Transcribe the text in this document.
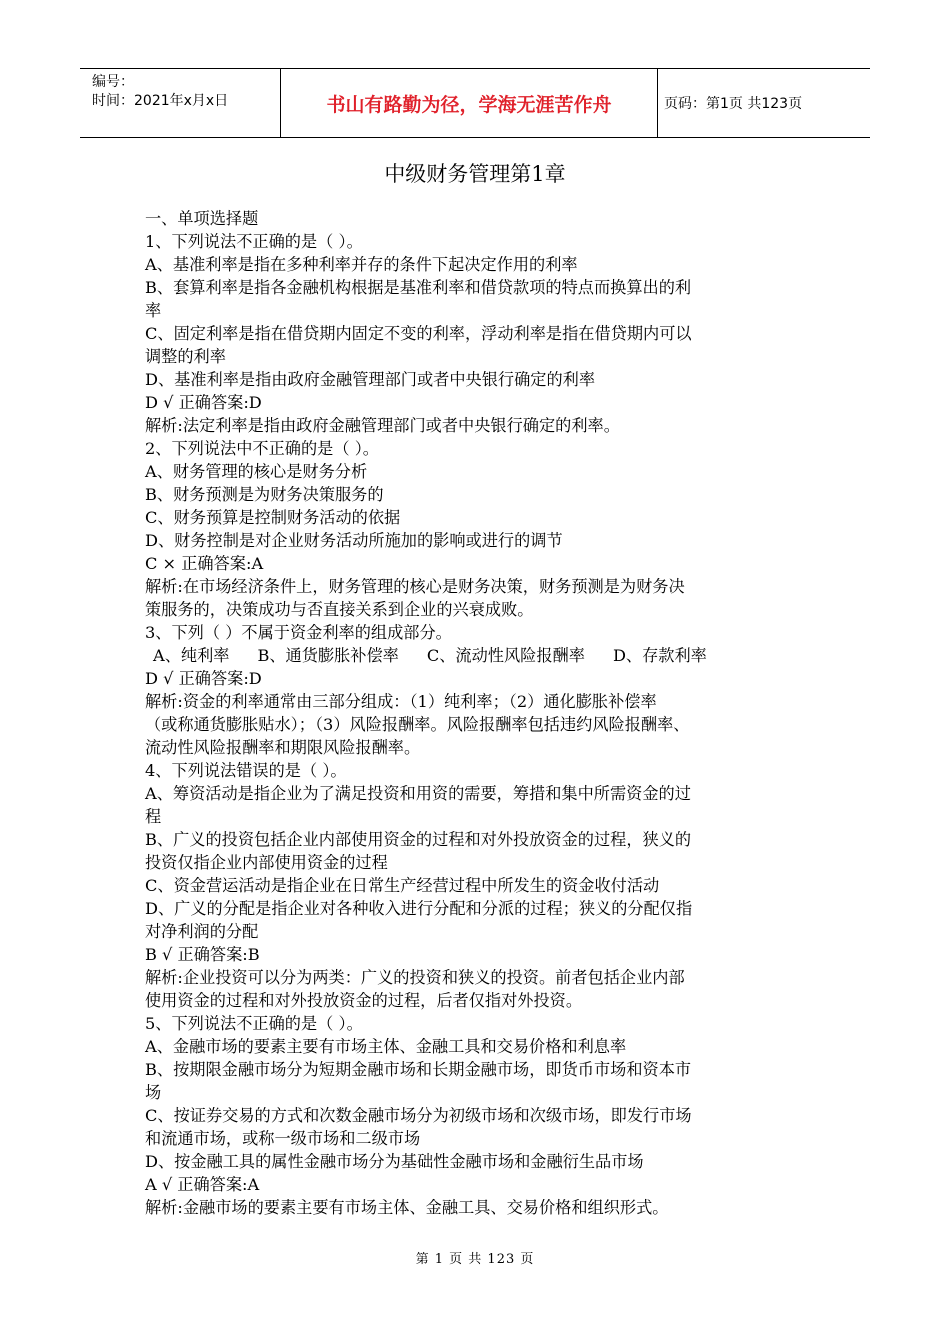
编号：
时间：2021年x月x日	书山有路勤为径，学海无涯苦作舟	页码：第1页 共123页
中级财务管理第1章
一、单项选择题
1、下列说法不正确的是（ ）。
A、基准利率是指在多种利率并存的条件下起决定作用的利率
B、套算利率是指各金融机构根据是基准利率和借贷款项的特点而换算出的利
率
C、固定利率是指在借贷期内固定不变的利率，浮动利率是指在借贷期内可以
调整的利率
D、基准利率是指由政府金融管理部门或者中央银行确定的利率
D √ 正确答案:D
解析:法定利率是指由政府金融管理部门或者中央银行确定的利率。
2、下列说法中不正确的是（ ）。
A、财务管理的核心是财务分析
B、财务预测是为财务决策服务的
C、财务预算是控制财务活动的依据
D、财务控制是对企业财务活动所施加的影响或进行的调节
C × 正确答案:A
解析:在市场经济条件上，财务管理的核心是财务决策，财务预测是为财务决
策服务的，决策成功与否直接关系到企业的兴衰成败。
3、下列（ ）不属于资金利率的组成部分。
A、纯利率 B、通货膨胀补偿率 C、流动性风险报酬率 D、存款利率
D √ 正确答案:D
解析:资金的利率通常由三部分组成：（1）纯利率；（2）通化膨胀补偿率
（或称通货膨胀贴水）；（3）风险报酬率。风险报酬率包括违约风险报酬率、
流动性风险报酬率和期限风险报酬率。
4、下列说法错误的是（ ）。
A、筹资活动是指企业为了满足投资和用资的需要，筹措和集中所需资金的过
程
B、广义的投资包括企业内部使用资金的过程和对外投放资金的过程，狭义的
投资仅指企业内部使用资金的过程
C、资金营运活动是指企业在日常生产经营过程中所发生的资金收付活动
D、广义的分配是指企业对各种收入进行分配和分派的过程；狭义的分配仅指
对净利润的分配
B √ 正确答案:B
解析:企业投资可以分为两类：广义的投资和狭义的投资。前者包括企业内部
使用资金的过程和对外投放资金的过程，后者仅指对外投资。
5、下列说法不正确的是（ ）。
A、金融市场的要素主要有市场主体、金融工具和交易价格和利息率
B、按期限金融市场分为短期金融市场和长期金融市场，即货币市场和资本市
场
C、按证券交易的方式和次数金融市场分为初级市场和次级市场，即发行市场
和流通市场，或称一级市场和二级市场
D、按金融工具的属性金融市场分为基础性金融市场和金融衍生品市场
A √ 正确答案:A
解析:金融市场的要素主要有市场主体、金融工具、交易价格和组织形式。
第 1 页 共 123 页
